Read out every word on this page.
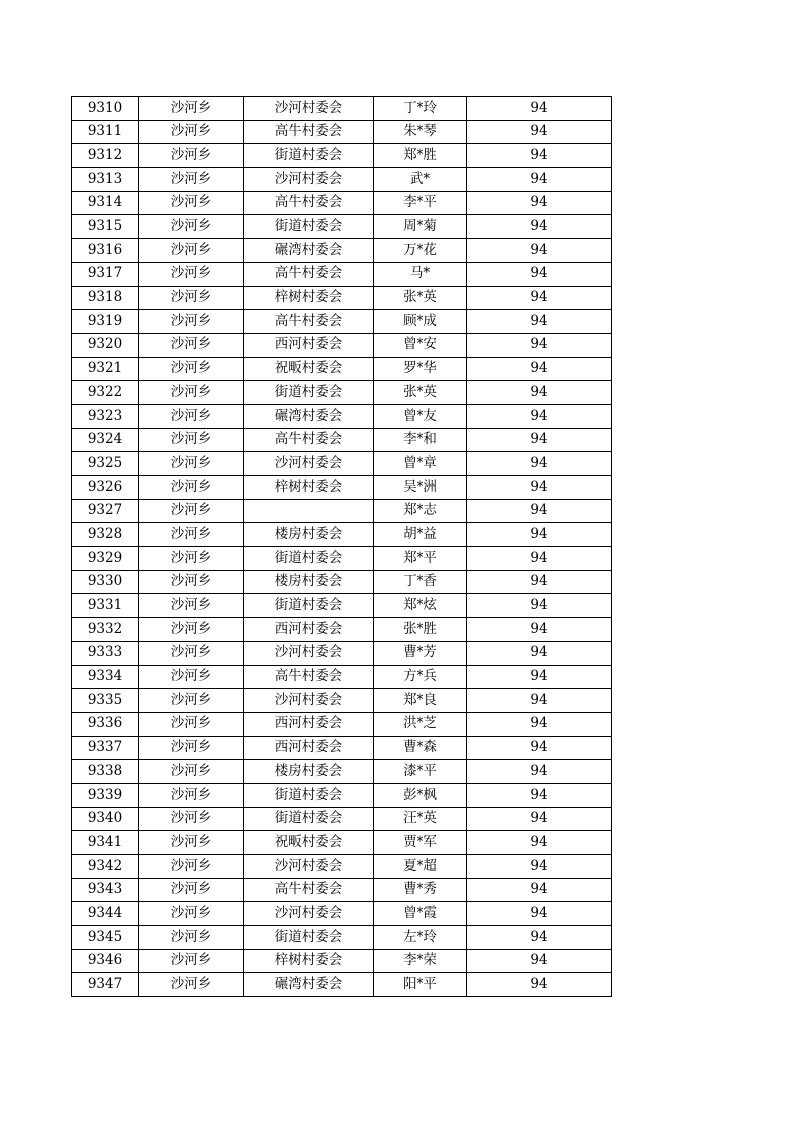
9310	沙河乡	沙河村委会	丁*玲	94
9311	沙河乡	高牛村委会	朱*琴	94
9312	沙河乡	街道村委会	郑*胜	94
9313	沙河乡	沙河村委会	武*	94
9314	沙河乡	高牛村委会	李*平	94
9315	沙河乡	街道村委会	周*菊	94
9316	沙河乡	碾湾村委会	万*花	94
9317	沙河乡	高牛村委会	马*	94
9318	沙河乡	梓树村委会	张*英	94
9319	沙河乡	高牛村委会	顾*成	94
9320	沙河乡	西河村委会	曾*安	94
9321	沙河乡	祝畈村委会	罗*华	94
9322	沙河乡	街道村委会	张*英	94
9323	沙河乡	碾湾村委会	曾*友	94
9324	沙河乡	高牛村委会	李*和	94
9325	沙河乡	沙河村委会	曾*章	94
9326	沙河乡	梓树村委会	吴*洲	94
9327	沙河乡		郑*志	94
9328	沙河乡	楼房村委会	胡*益	94
9329	沙河乡	街道村委会	郑*平	94
9330	沙河乡	楼房村委会	丁*香	94
9331	沙河乡	街道村委会	郑*炫	94
9332	沙河乡	西河村委会	张*胜	94
9333	沙河乡	沙河村委会	曹*芳	94
9334	沙河乡	高牛村委会	方*兵	94
9335	沙河乡	沙河村委会	郑*良	94
9336	沙河乡	西河村委会	洪*芝	94
9337	沙河乡	西河村委会	曹*森	94
9338	沙河乡	楼房村委会	漆*平	94
9339	沙河乡	街道村委会	彭*枫	94
9340	沙河乡	街道村委会	汪*英	94
9341	沙河乡	祝畈村委会	贾*军	94
9342	沙河乡	沙河村委会	夏*超	94
9343	沙河乡	高牛村委会	曹*秀	94
9344	沙河乡	沙河村委会	曾*霞	94
9345	沙河乡	街道村委会	左*玲	94
9346	沙河乡	梓树村委会	李*荣	94
9347	沙河乡	碾湾村委会	阳*平	94
